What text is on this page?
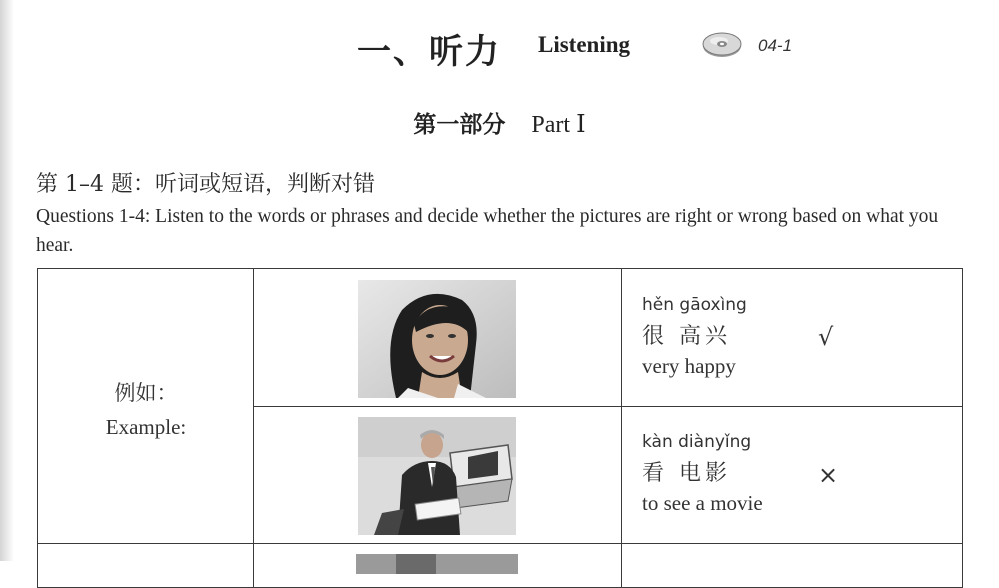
一、听力 Listening	04-1
第一部分 Part Ⅰ
第 1–4 题：听词或短语，判断对错
Questions 1-4: Listen to the words or phrases and decide whether the pictures are right or wrong based on what you hear.
例如：
Example:
hěn gāoxìng
很 高兴
very happy
√
kàn diànyǐng
看 电影
to see a movie
×
